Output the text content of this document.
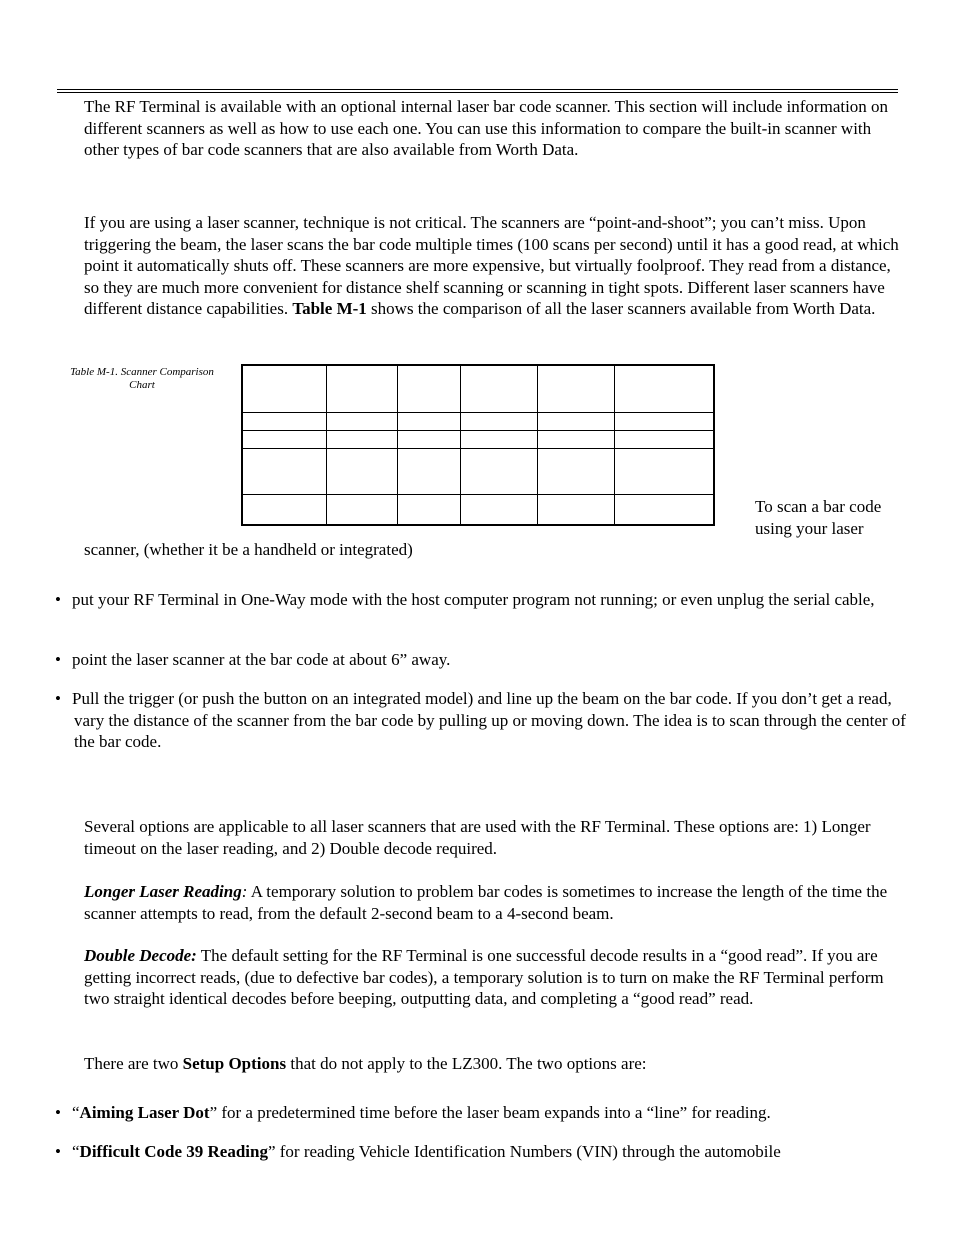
The RF Terminal is available with an optional internal laser bar code scanner. This section will include information on different scanners as well as how to use each one. You can use this information to compare the built-in scanner with other types of bar code scanners that are also available from Worth Data.

If you are using a laser scanner, technique is not critical. The scanners are “point-and-shoot”; you can’t miss. Upon triggering the beam, the laser scans the bar code multiple times (100 scans per second) until it has a good read, at which point it automatically shuts off. These scanners are more expensive, but virtually foolproof. They read from a distance, so they are much more convenient for distance shelf scanning or scanning in tight spots. Different laser scanners have different distance capabilities. Table M-1 shows the comparison of all the laser scanners available from Worth Data.

Table M-1. Scanner Comparison Chart

To scan a bar code using your laser

scanner, (whether it be a handheld or integrated)

• put your RF Terminal in One-Way mode with the host computer program not running; or even unplug the serial cable,

• point the laser scanner at the bar code at about 6” away.

• Pull the trigger (or push the button on an integrated model) and line up the beam on the bar code. If you don’t get a read, vary the distance of the scanner from the bar code by pulling up or moving down. The idea is to scan through the center of the bar code.

Several options are applicable to all laser scanners that are used with the RF Terminal. These options are: 1) Longer timeout on the laser reading, and 2) Double decode required.

Longer Laser Reading: A temporary solution to problem bar codes is sometimes to increase the length of the time the scanner attempts to read, from the default 2-second beam to a 4-second beam.

Double Decode: The default setting for the RF Terminal is one successful decode results in a “good read”. If you are getting incorrect reads, (due to defective bar codes), a temporary solution is to turn on make the RF Terminal perform two straight identical decodes before beeping, outputting data, and completing a “good read” read.

There are two Setup Options that do not apply to the LZ300. The two options are:

• “Aiming Laser Dot” for a predetermined time before the laser beam expands into a “line” for reading.

• “Difficult Code 39 Reading” for reading Vehicle Identification Numbers (VIN) through the automobile
